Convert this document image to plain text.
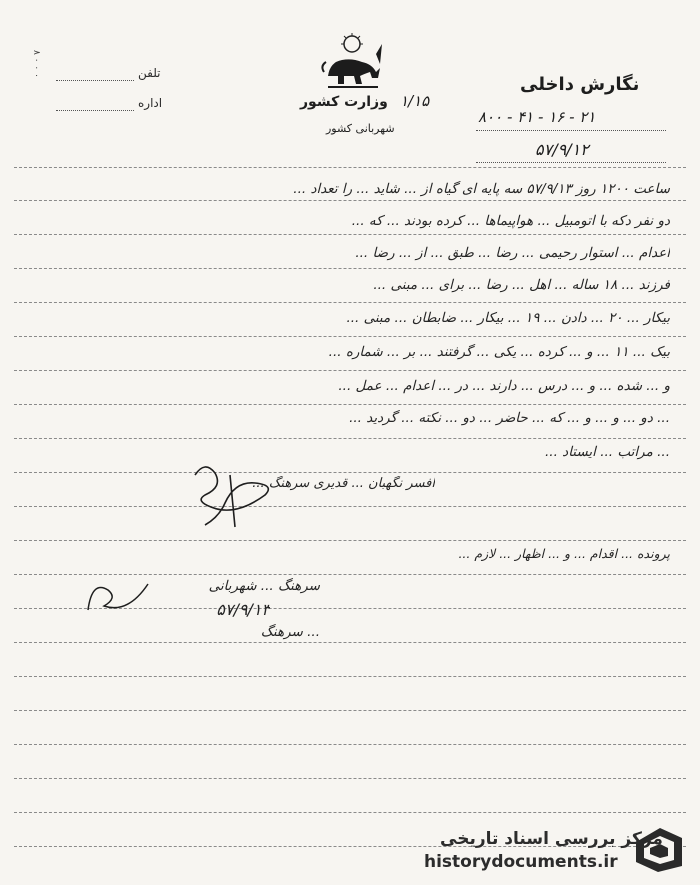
۸ ۰ ۰ ۰
وزارت کشور
شهربانی کشور
۱/۱۵
نگارش داخلی
۲۱ - ۱۶ - ۴۱ - ۸۰۰
۵۷/۹/۱۲
تلفن
اداره
ساعت ۱۲۰۰ روز ۵۷/۹/۱۳ سه پایه ای گیاه از ... شاید ... را تعداد ...
دو نفر دکه با اتومبیل ... هواپیماها ... کرده بودند ... که ...
اعدام ... استوار رحیمی ... رضا ... طبق ... از ... رضا ...
فرزند ... ۱۸ ساله ... اهل ... رضا ... برای ... مبنی ...
بیکار ... ۲۰ ... دادن ... ۱۹ ... بیکار ... ضابطان ... مبنی ...
بیک ... ۱۱ ... و ... کرده ... یکی ... گرفتند ... بر ... شماره ...
و ... شده ... و ... درس ... دارند ... در ... اعدام ... عمل ...
... دو ... و ... و ... که ... حاضر ... دو ... نکته ... گردید ...
... مراتب ... ایستاد ...
افسر نگهبان ... قدیری سرهنگ ...
پرونده ... اقدام ... و ... اظهار ... لازم ...
سرهنگ ... شهربانی
۵۷/۹/۱۳
... سرهنگ
مرکز بررسی اسناد تاریخی
historydocuments.ir
